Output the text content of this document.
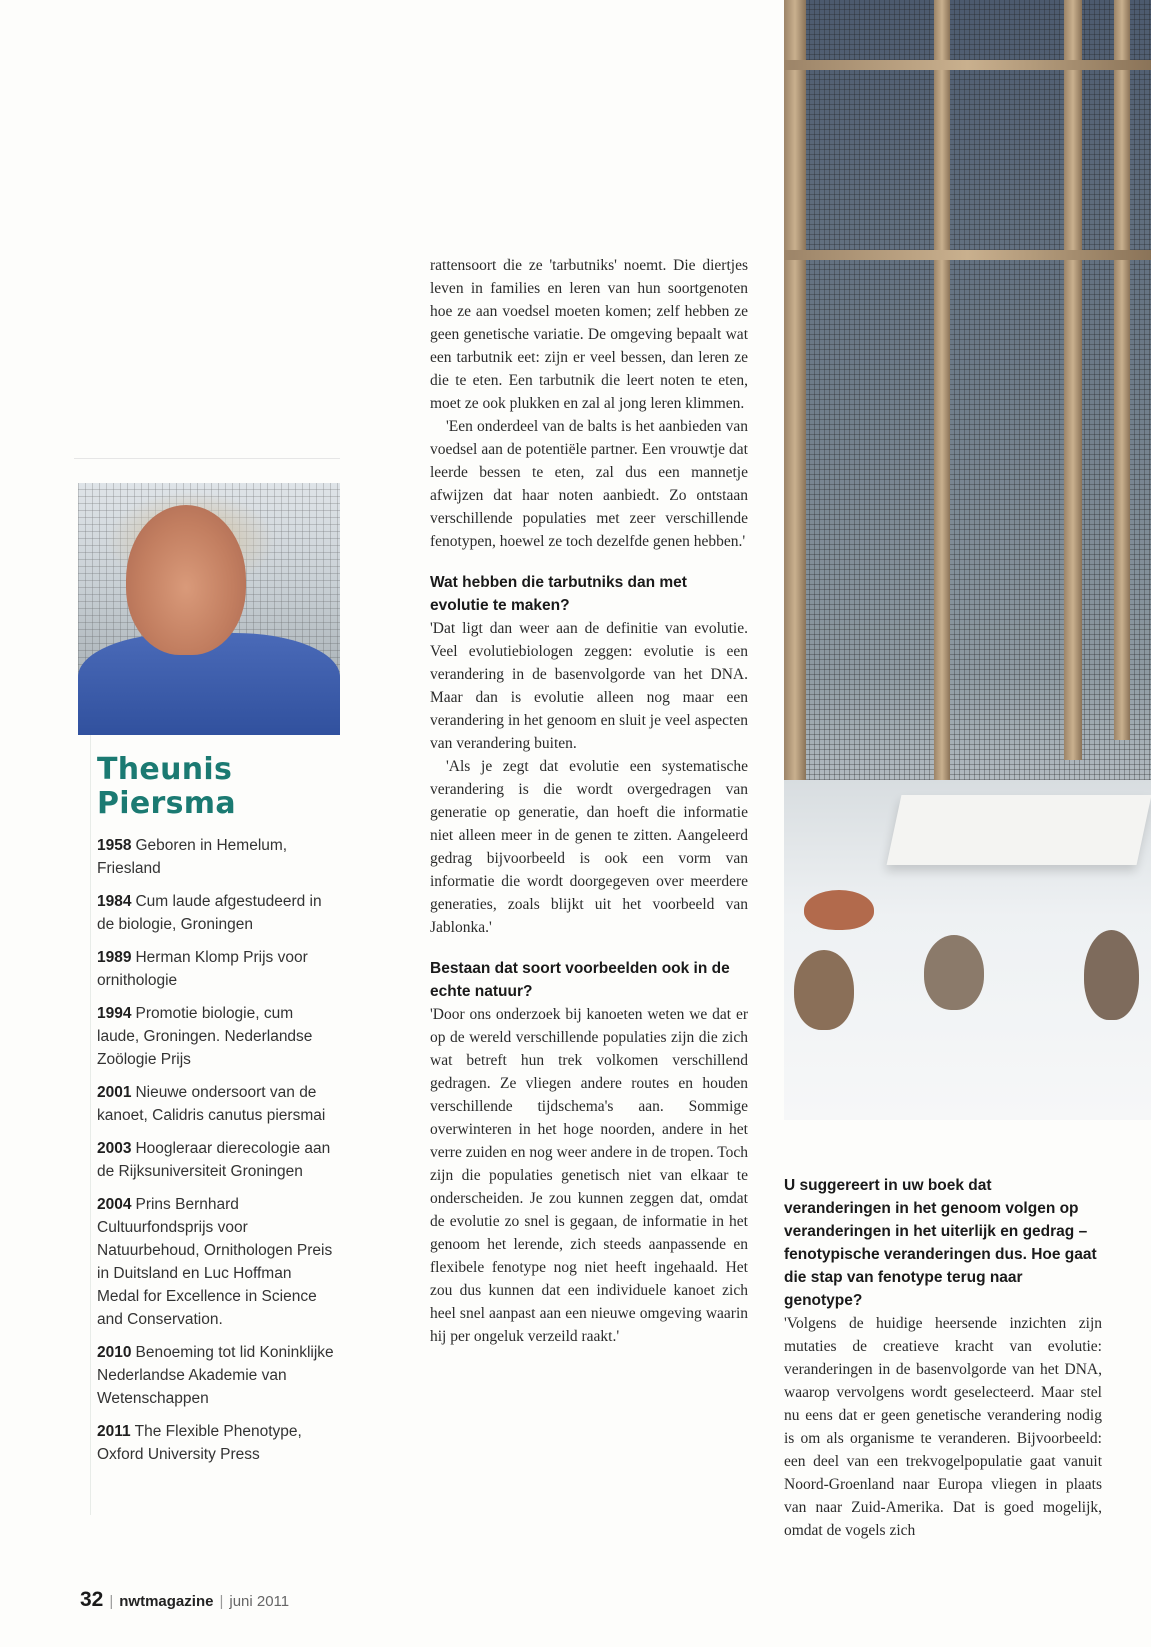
Theunis
Piersma
1958 Geboren in Hemelum, Friesland
1984 Cum laude afgestudeerd in de biologie, Groningen
1989 Herman Klomp Prijs voor ornithologie
1994 Promotie biologie, cum laude, Groningen. Nederlandse Zoölogie Prijs
2001 Nieuwe ondersoort van de kanoet, Calidris canutus piersmai
2003 Hoogleraar dierecologie aan de Rijksuniversiteit Groningen
2004 Prins Bernhard Cultuurfondsprijs voor Natuurbehoud, Ornithologen Preis in Duitsland en Luc Hoffman Medal for Excellence in Science and Conservation.
2010 Benoeming tot lid Koninklijke Nederlandse Akademie van Wetenschappen
2011 The Flexible Phenotype, Oxford University Press

rattensoort die ze 'tarbutniks' noemt. Die diertjes leven in families en leren van hun soortgenoten hoe ze aan voedsel moeten komen; zelf hebben ze geen genetische variatie. De omgeving bepaalt wat een tarbutnik eet: zijn er veel bessen, dan leren ze die te eten. Een tarbutnik die leert noten te eten, moet ze ook plukken en zal al jong leren klimmen.

'Een onderdeel van de balts is het aanbieden van voedsel aan de potentiële partner. Een vrouwtje dat leerde bessen te eten, zal dus een mannetje afwijzen dat haar noten aanbiedt. Zo ontstaan verschillende populaties met zeer verschillende fenotypen, hoewel ze toch dezelfde genen hebben.'

Wat hebben die tarbutniks dan met evolutie te maken?

'Dat ligt dan weer aan de definitie van evolutie. Veel evolutiebiologen zeggen: evolutie is een verandering in de basenvolgorde van het DNA. Maar dan is evolutie alleen nog maar een verandering in het genoom en sluit je veel aspecten van verandering buiten.

'Als je zegt dat evolutie een systematische verandering is die wordt overgedragen van generatie op generatie, dan hoeft die informatie niet alleen meer in de genen te zitten. Aangeleerd gedrag bijvoorbeeld is ook een vorm van informatie die wordt doorgegeven over meerdere generaties, zoals blijkt uit het voorbeeld van Jablonka.'

Bestaan dat soort voorbeelden ook in de echte natuur?

'Door ons onderzoek bij kanoeten weten we dat er op de wereld verschillende populaties zijn die zich wat betreft hun trek volkomen verschillend gedragen. Ze vliegen andere routes en houden verschillende tijdschema's aan. Sommige overwinteren in het hoge noorden, andere in het verre zuiden en nog weer andere in de tropen. Toch zijn die populaties genetisch niet van elkaar te onderscheiden. Je zou kunnen zeggen dat, omdat de evolutie zo snel is gegaan, de informatie in het genoom het lerende, zich steeds aanpassende en flexibele fenotype nog niet heeft ingehaald. Het zou dus kunnen dat een individuele kanoet zich heel snel aanpast aan een nieuwe omgeving waarin hij per ongeluk verzeild raakt.'

U suggereert in uw boek dat veranderingen in het genoom volgen op veranderingen in het uiterlijk en gedrag – fenotypische veranderingen dus. Hoe gaat die stap van fenotype terug naar genotype?

'Volgens de huidige heersende inzichten zijn mutaties de creatieve kracht van evolutie: veranderingen in de basenvolgorde van het DNA, waarop vervolgens wordt geselecteerd. Maar stel nu eens dat er geen genetische verandering nodig is om als organisme te veranderen. Bijvoorbeeld: een deel van een trekvogelpopulatie gaat vanuit Noord-Groenland naar Europa vliegen in plaats van naar Zuid-Amerika. Dat is goed mogelijk, omdat de vogels zich

32 | nwtmagazine | juni 2011
